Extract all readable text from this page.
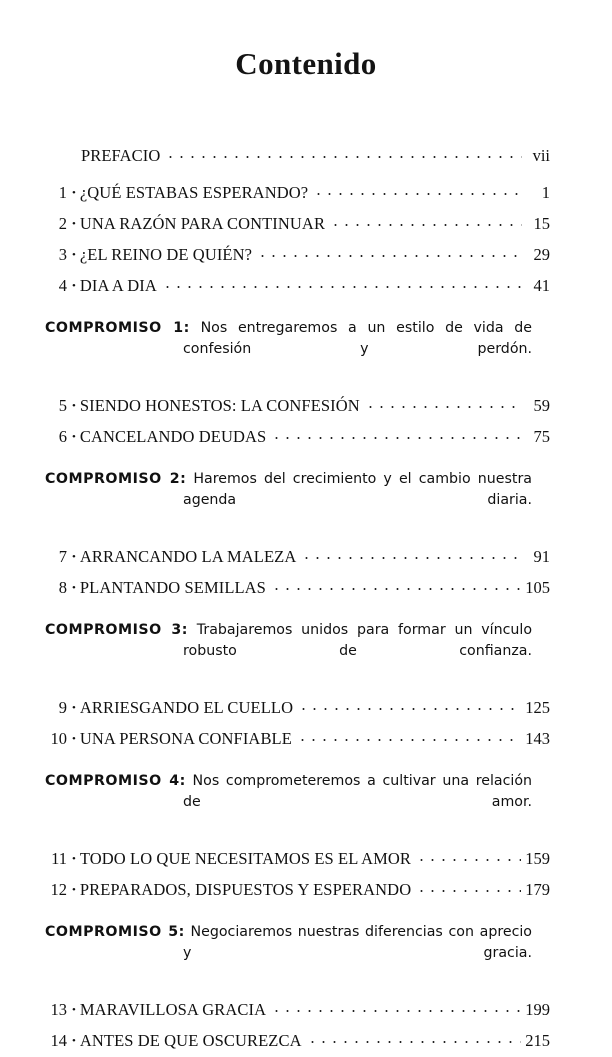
Contenido
PREFACIO	vii
1 • ¿QUÉ ESTABAS ESPERANDO?	1
2 • UNA RAZÓN PARA CONTINUAR	15
3 • ¿EL REINO DE QUIÉN?	29
4 • DIA A DIA	41
COMPROMISO 1: Nos entregaremos a un estilo de vida de confesión y perdón.
5 • SIENDO HONESTOS: LA CONFESIÓN	59
6 • CANCELANDO DEUDAS	75
COMPROMISO 2: Haremos del crecimiento y el cambio nuestra agenda diaria.
7 • ARRANCANDO LA MALEZA	91
8 • PLANTANDO SEMILLAS	105
COMPROMISO 3: Trabajaremos unidos para formar un vínculo robusto de confianza.
9 • ARRIESGANDO EL CUELLO	125
10 • UNA PERSONA CONFIABLE	143
COMPROMISO 4: Nos comprometeremos a cultivar una relación de amor.
11 • TODO LO QUE NECESITAMOS ES EL AMOR	159
12 • PREPARADOS, DISPUESTOS Y ESPERANDO	179
COMPROMISO 5: Negociaremos nuestras diferencias con aprecio y gracia.
13 • MARAVILLOSA GRACIA	199
14 • ANTES DE QUE OSCUREZCA	215
